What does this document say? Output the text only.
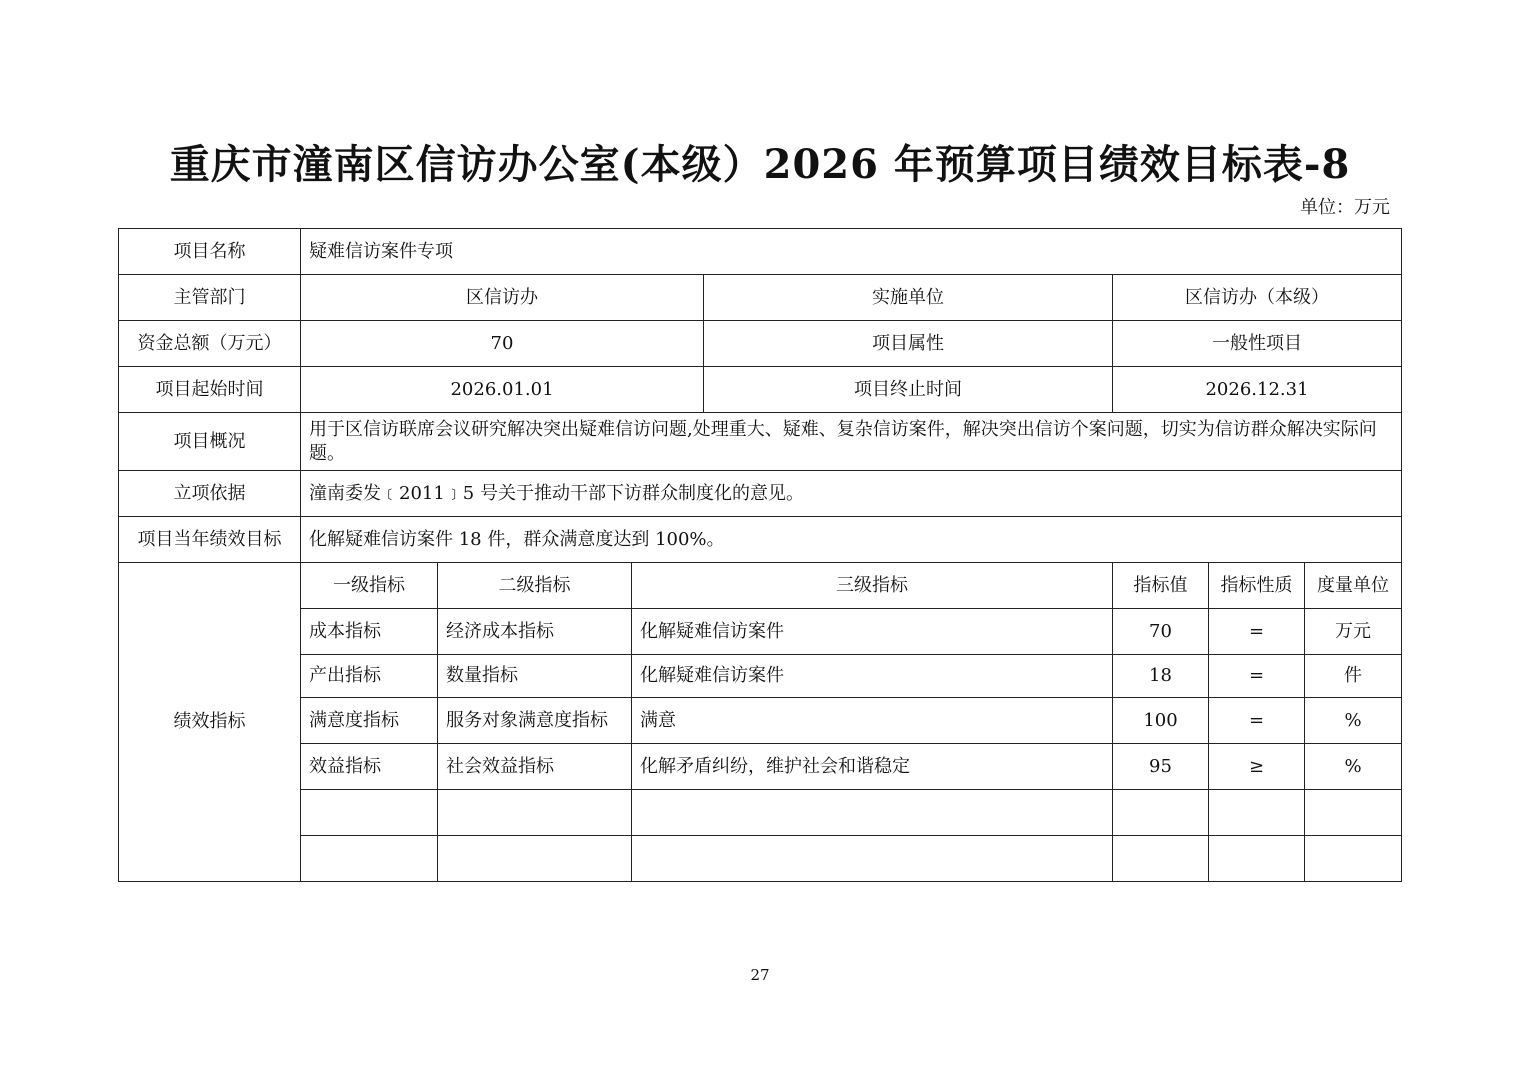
重庆市潼南区信访办公室(本级）2026 年预算项目绩效目标表-8
单位：万元
项目名称	疑难信访案件专项						
主管部门	区信访办			实施单位	区信访办（本级）		
资金总额（万元）	70			项目属性	一般性项目		
项目起始时间	2026.01.01			项目终止时间	2026.12.31		
项目概况	用于区信访联席会议研究解决突出疑难信访问题,处理重大、疑难、复杂信访案件，解决突出信访个案问题，切实为信访群众解决实际问题。						
立项依据	潼南委发﹝2011﹞5 号关于推动干部下访群众制度化的意见。						
项目当年绩效目标	化解疑难信访案件 18 件，群众满意度达到 100%。						
绩效指标	一级指标	二级指标	三级指标		指标值	指标性质	度量单位
	成本指标	经济成本指标	化解疑难信访案件		70	=	万元
	产出指标	数量指标	化解疑难信访案件		18	=	件
	满意度指标	服务对象满意度指标	满意		100	=	%
	效益指标	社会效益指标	化解矛盾纠纷，维护社会和谐稳定		95	≥	%

27
